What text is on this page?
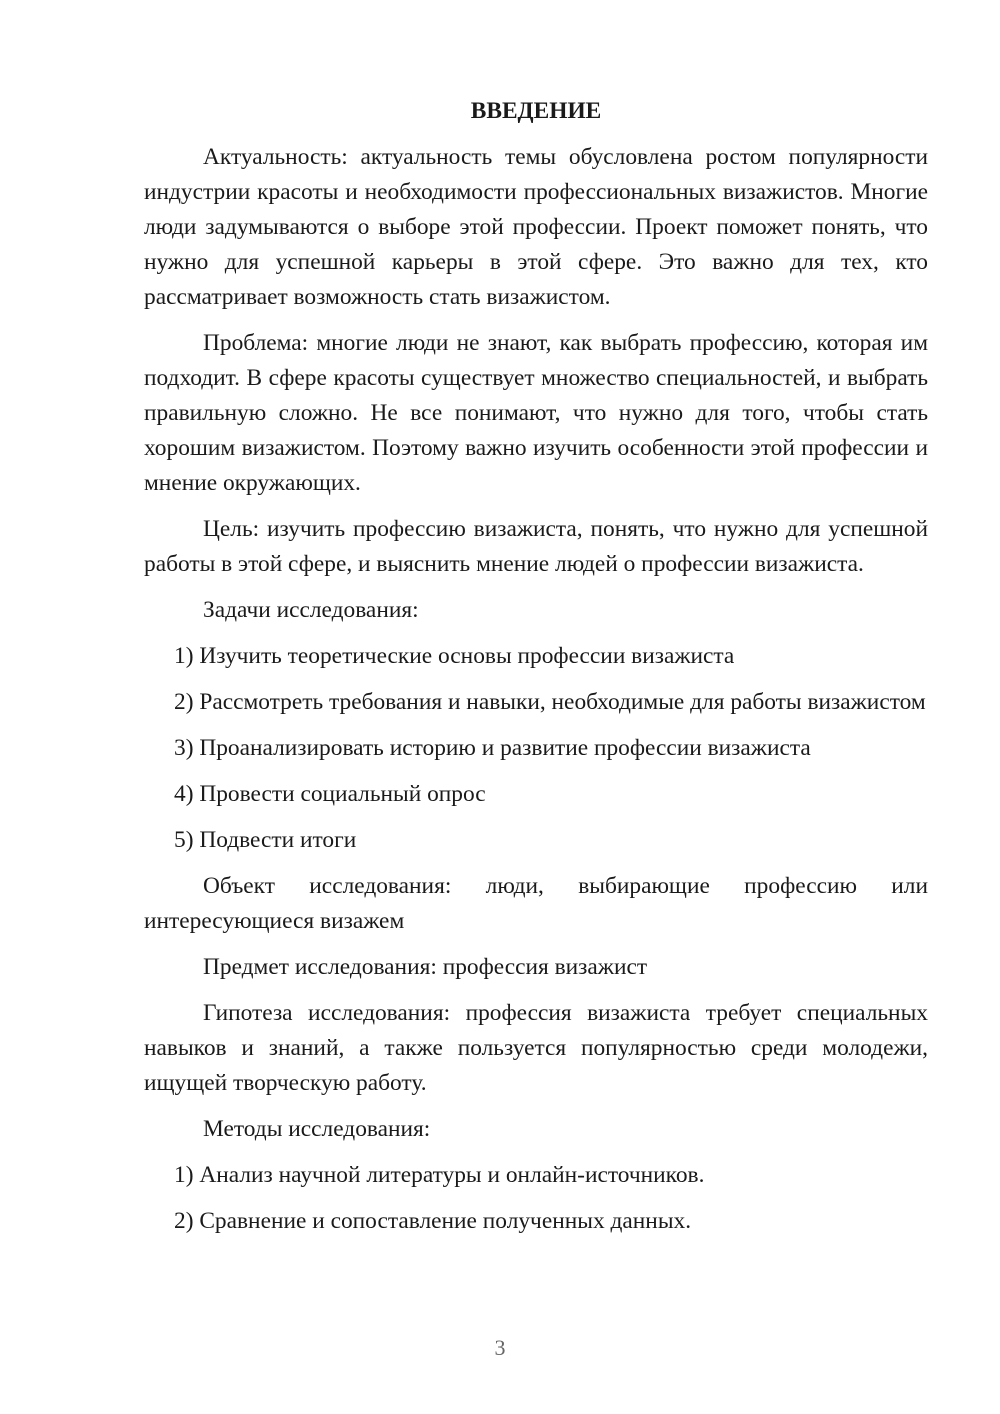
ВВЕДЕНИЕ

Актуальность: актуальность темы обусловлена ростом популярности индустрии красоты и необходимости профессиональных визажистов. Многие люди задумываются о выборе этой профессии. Проект поможет понять, что нужно для успешной карьеры в этой сфере. Это важно для тех, кто рассматривает возможность стать визажистом.

Проблема: многие люди не знают, как выбрать профессию, которая им подходит. В сфере красоты существует множество специальностей, и выбрать правильную сложно. Не все понимают, что нужно для того, чтобы стать хорошим визажистом. Поэтому важно изучить особенности этой профессии и мнение окружающих.

Цель: изучить профессию визажиста, понять, что нужно для успешной работы в этой сфере, и выяснить мнение людей о профессии визажиста.

Задачи исследования:

1) Изучить теоретические основы профессии визажиста

2) Рассмотреть требования и навыки, необходимые для работы визажистом

3) Проанализировать историю и развитие профессии визажиста

4) Провести социальный опрос

5) Подвести итоги

Объект исследования: люди, выбирающие профессию или интересующиеся визажем

Предмет исследования: профессия визажист

Гипотеза исследования: профессия визажиста требует специальных навыков и знаний, а также пользуется популярностью среди молодежи, ищущей творческую работу.

Методы исследования:

1) Анализ научной литературы и онлайн-источников.

2) Сравнение и сопоставление полученных данных.

3
